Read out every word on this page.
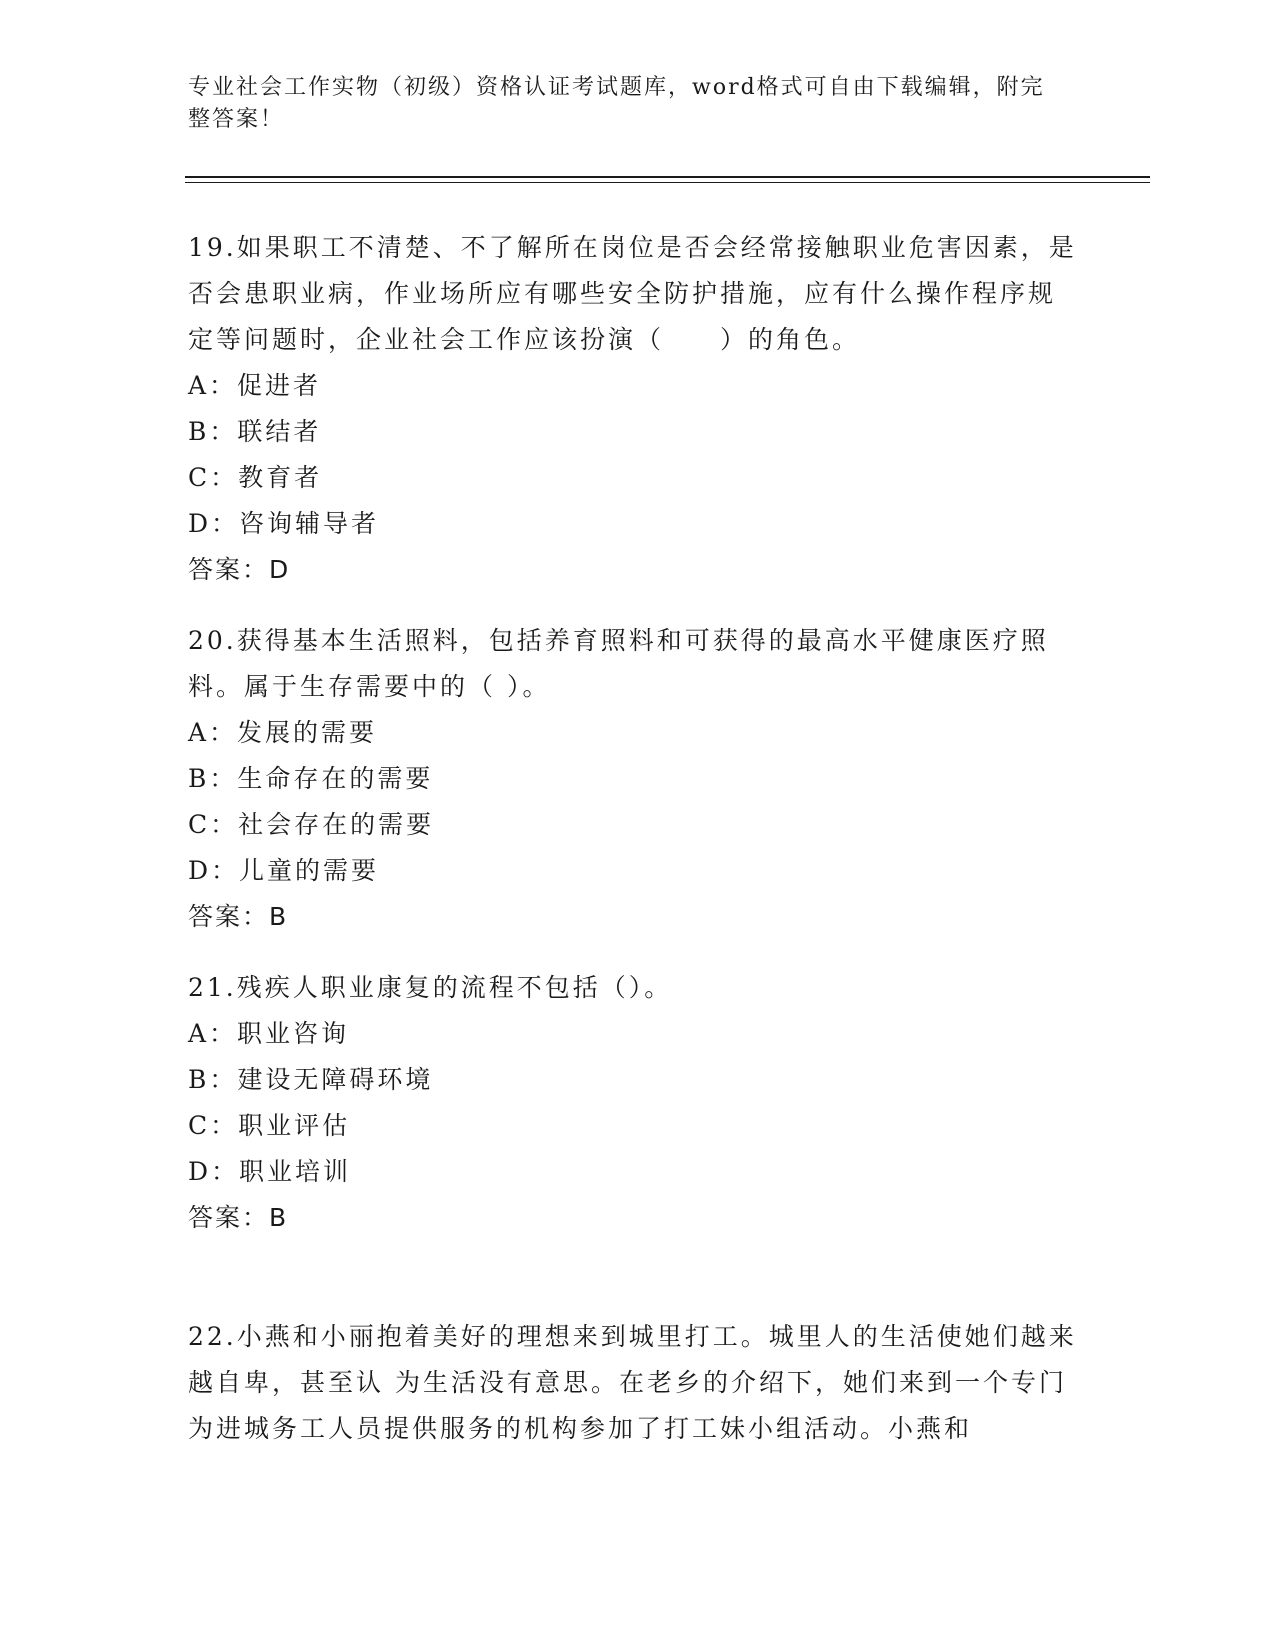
专业社会工作实物（初级）资格认证考试题库，word格式可自由下载编辑，附完整答案！
19.如果职工不清楚、不了解所在岗位是否会经常接触职业危害因素，是否会患职业病，作业场所应有哪些安全防护措施，应有什么操作程序规定等问题时，企业社会工作应该扮演（　　）的角色。
A：促进者
B：联结者
C：教育者
D：咨询辅导者
答案：D
20.获得基本生活照料，包括养育照料和可获得的最高水平健康医疗照料。属于生存需要中的（ ）。
A：发展的需要
B：生命存在的需要
C：社会存在的需要
D：儿童的需要
答案：B
21.残疾人职业康复的流程不包括（）。
A：职业咨询
B：建设无障碍环境
C：职业评估
D：职业培训
答案：B
22.小燕和小丽抱着美好的理想来到城里打工。城里人的生活使她们越来越自卑，甚至认 为生活没有意思。在老乡的介绍下，她们来到一个专门为进城务工人员提供服务的机构参加了打工妹小组活动。小燕和
